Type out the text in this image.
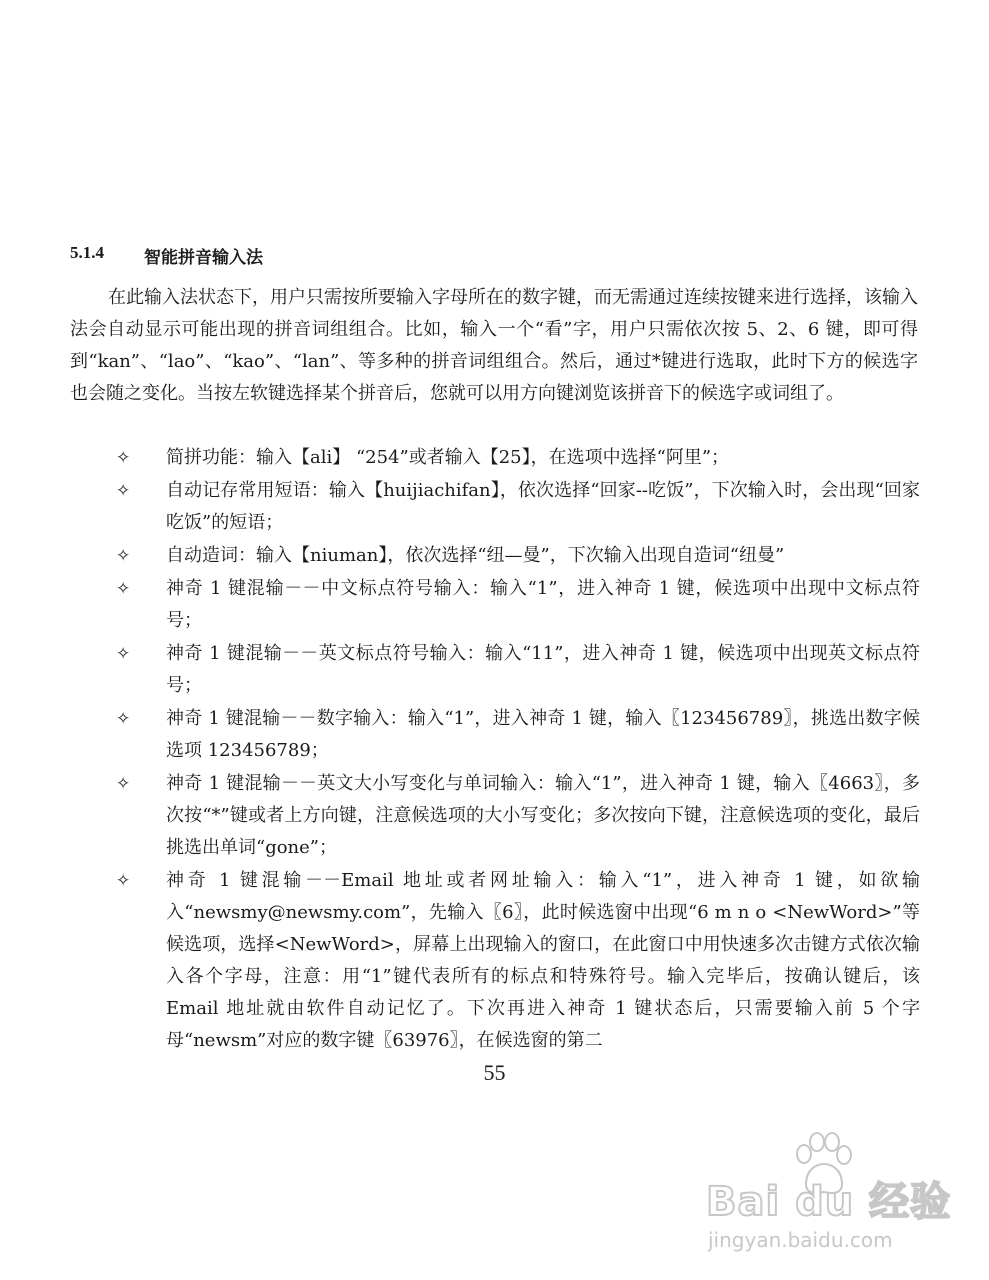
5.1.4 智能拼音输入法

在此输入法状态下，用户只需按所要输入字母所在的数字键，而无需通过连续按键来进行选择，该输入法会自动显示可能出现的拼音词组组合。比如，输入一个“看”字，用户只需依次按 5、2、6 键，即可得到“kan”、“lao”、“kao”、“lan”、等多种的拼音词组组合。然后，通过*键进行选取，此时下方的候选字也会随之变化。当按左软键选择某个拼音后，您就可以用方向键浏览该拼音下的候选字或词组了。

✧ 简拼功能：输入【ali】 “254”或者输入【25】，在选项中选择“阿里”；
✧ 自动记存常用短语：输入【huijiachifan】，依次选择“回家--吃饭”，下次输入时，会出现“回家吃饭”的短语；
✧ 自动造词：输入【niuman】，依次选择“纽—曼”，下次输入出现自造词“纽曼”
✧ 神奇 1 键混输－－中文标点符号输入：输入“1”，进入神奇 1 键，候选项中出现中文标点符号；
✧ 神奇 1 键混输－－英文标点符号输入：输入“11”，进入神奇 1 键，候选项中出现英文标点符号；
✧ 神奇 1 键混输－－数字输入：输入“1”，进入神奇 1 键，输入〖123456789〗，挑选出数字候选项 123456789；
✧ 神奇 1 键混输－－英文大小写变化与单词输入：输入“1”，进入神奇 1 键，输入〖4663〗，多次按“*”键或者上方向键，注意候选项的大小写变化；多次按向下键，注意候选项的变化，最后挑选出单词“gone”；
✧ 神奇 1 键混输－－Email 地址或者网址输入：输入“1”，进入神奇 1 键，如欲输入“newsmy@newsmy.com”，先输入〖6〗，此时候选窗中出现“6 m n o <NewWord>”等候选项，选择<NewWord>，屏幕上出现输入的窗口，在此窗口中用快速多次击键方式依次输入各个字母，注意：用“1”键代表所有的标点和特殊符号。输入完毕后，按确认键后，该 Email 地址就由软件自动记忆了。下次再进入神奇 1 键状态后，只需要输入前 5 个字母“newsm”对应的数字键〖63976〗，在候选窗的第二
55
Bai du 经验
jingyan.baidu.com
